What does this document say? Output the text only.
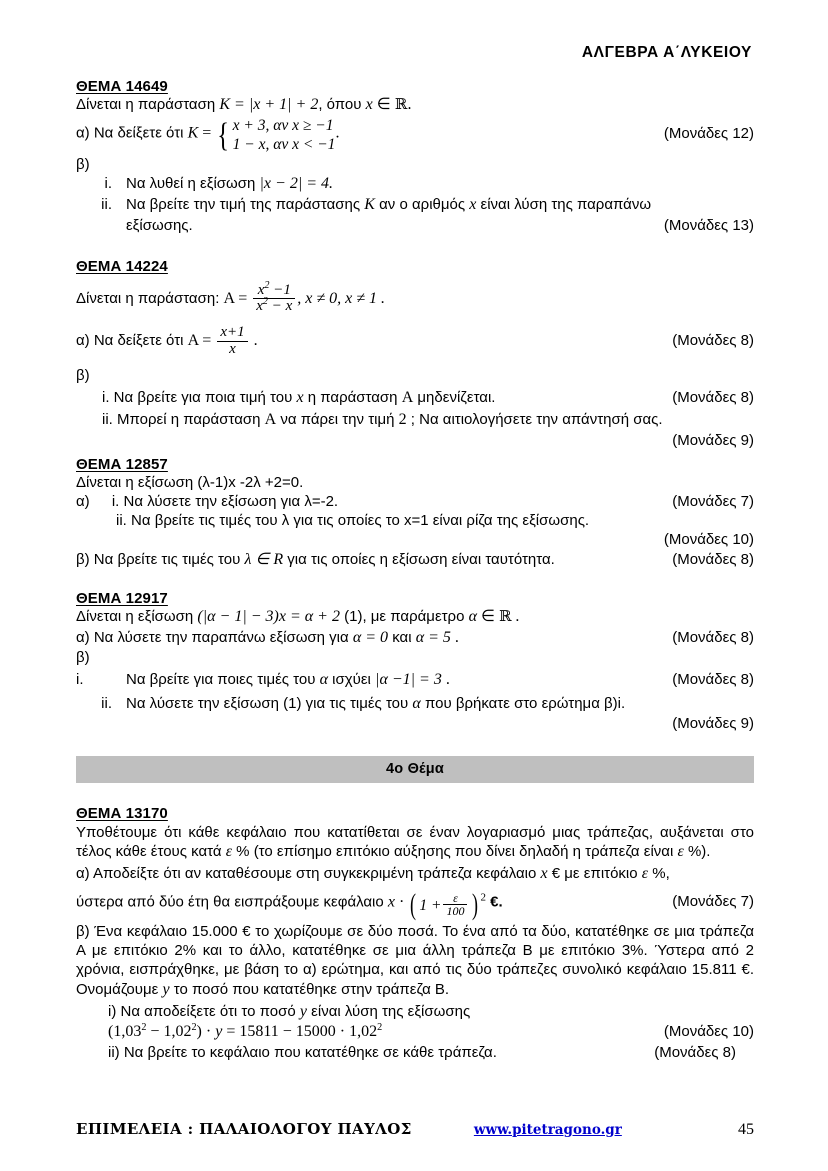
ΑΛΓΕΒΡΑ Α΄ΛΥΚΕΙΟΥ
ΘΕΜΑ 14649
Δίνεται η παράσταση K = |x + 1| + 2, όπου x ∈ ℝ.
α) Να δείξετε ότι K = { x + 3, αν x ≥ −1
1 − x, αν x < −1
.	(Μονάδες 12)
β)
i. Να λυθεί η εξίσωση |x − 2| = 4.
ii. Να βρείτε την τιμή της παράστασης K αν ο αριθμός x είναι λύση της παραπάνω
εξίσωσης.	(Μονάδες 13)
ΘΕΜΑ 14224
Δίνεται η παράσταση: $A = \frac{x^2 -1}{x^2 - x}$ , x ≠ 0, x ≠ 1 .
α) Να δείξετε ότι $A = \frac{x+1}{x}$ .	(Μονάδες 8)
β)
i. Να βρείτε για ποια τιμή του x η παράσταση A μηδενίζεται.	(Μονάδες 8)
ii. Μπορεί η παράσταση A να πάρει την τιμή 2 ; Να αιτιολογήσετε την απάντησή σας.
(Μονάδες 9)
ΘΕΜΑ 12857
Δίνεται η εξίσωση (λ-1)x -2λ +2=0.
α) i. Να λύσετε την εξίσωση για λ=-2.	(Μονάδες 7)
ii. Να βρείτε τις τιμές του λ για τις οποίες το x=1 είναι ρίζα της εξίσωσης.
(Μονάδες 10)
β) Να βρείτε τις τιμές του λ ∈ R για τις οποίες η εξίσωση είναι ταυτότητα.	(Μονάδες 8)
ΘΕΜΑ 12917
Δίνεται η εξίσωση (|α − 1| − 3)x = α + 2 (1), με παράμετρο α ∈ ℝ .
α) Να λύσετε την παραπάνω εξίσωση για α = 0 και α = 5 .	(Μονάδες 8)
β)
i.	Να βρείτε για ποιες τιμές του α ισχύει |α −1| = 3 .	(Μονάδες 8)
ii. Να λύσετε την εξίσωση (1) για τις τιμές του α που βρήκατε στο ερώτημα β)i.
(Μονάδες 9)
4ο Θέμα
ΘΕΜΑ 13170
Υποθέτουμε ότι κάθε κεφάλαιο που κατατίθεται σε έναν λογαριασμό μιας τράπεζας, αυξάνεται στο τέλος κάθε έτους κατά ε % (το επίσημο επιτόκιο αύξησης που δίνει δηλαδή η τράπεζα είναι ε %).
α) Αποδείξτε ότι αν καταθέσουμε στη συγκεκριμένη τράπεζα κεφάλαιο x € με επιτόκιο ε %,
ύστερα από δύο έτη θα εισπράξουμε κεφάλαιο x · ( $1 + \frac{\varepsilon}{100}$ ) $^2$ €.	(Μονάδες 7)
β) Ένα κεφάλαιο 15.000 € το χωρίζουμε σε δύο ποσά. Το ένα από τα δύο, κατατέθηκε σε μια τράπεζα Α με επιτόκιο 2% και το άλλο, κατατέθηκε σε μια άλλη τράπεζα Β με επιτόκιο 3%. Ύστερα από 2 χρόνια, εισπράχθηκε, με βάση το α) ερώτημα, και από τις δύο τράπεζες συνολικό κεφάλαιο 15.811 €. Ονομάζουμε y το ποσό που κατατέθηκε στην τράπεζα Β.
i) Να αποδείξετε ότι το ποσό y είναι λύση της εξίσωσης
$(1,03^2 - 1,02^2) \cdot y = 15811 - 15000 \cdot 1,02^2$	(Μονάδες 10)
ii) Να βρείτε το κεφάλαιο που κατατέθηκε σε κάθε τράπεζα.	(Μονάδες 8)
ΕΠΙΜΕΛΕΙΑ : ΠΑΛΑΙΟΛΟΓΟΥ ΠΑΥΛΟΣ	www.pitetragono.gr	45
